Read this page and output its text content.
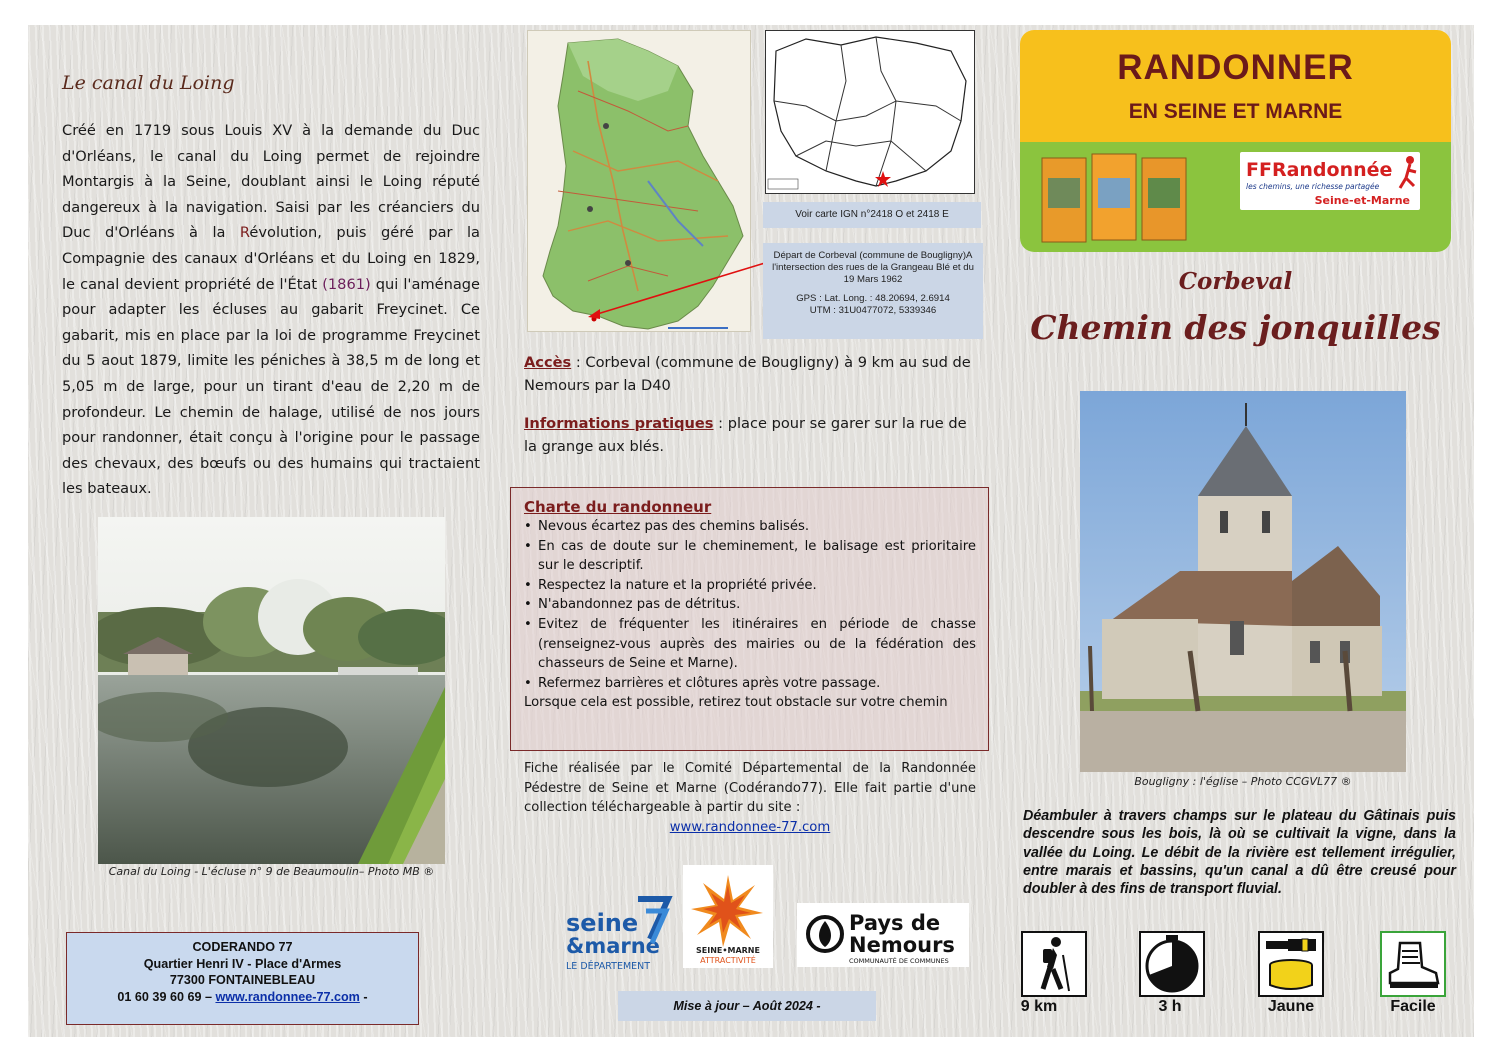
Le canal du Loing
Créé en 1719 sous Louis XV à la demande du Duc d'Orléans, le canal du Loing permet de rejoindre Montargis à la Seine, doublant ainsi le Loing réputé dangereux à la navigation. Saisi par les créanciers du Duc d'Orléans à la Révolution, puis géré par la Compagnie des canaux d'Orléans et du Loing en 1829, le canal devient propriété de l'État (1861) qui l'aménage pour adapter les écluses au gabarit Freycinet. Ce gabarit, mis en place par la loi de programme Freycinet du 5 aout 1879, limite les péniches à 38,5 m de long et 5,05 m de large, pour un tirant d'eau de 2,20 m de profondeur. Le chemin de halage, utilisé de nos jours pour randonner, était conçu à l'origine pour le passage des chevaux, des bœufs ou des humains qui tractaient les bateaux.
Canal du Loing - L'écluse n° 9 de Beaumoulin– Photo MB ®
CODERANDO 77
Quartier Henri IV - Place d'Armes
77300 FONTAINEBLEAU
01 60 39 60 69 – www.randonnee-77.com -
Voir carte IGN n°2418 O et 2418 E
Départ de Corbeval (commune de Bougligny)A l'intersection des rues de la Grangeau Blé et du 19 Mars 1962
GPS : Lat. Long. : 48.20694, 2.6914
UTM : 31U0477072, 5339346
Accès : Corbeval (commune de Bougligny) à 9 km au sud de Nemours par la D40
Informations pratiques : place pour se garer sur la rue de la grange aux blés.
Charte du randonneur
• Nevous écartez pas des chemins balisés.
• En cas de doute sur le cheminement, le balisage est prioritaire sur le descriptif.
• Respectez la nature et la propriété privée.
• N'abandonnez pas de détritus.
• Evitez de fréquenter les itinéraires en période de chasse (renseignez-vous auprès des mairies ou de la fédération des chasseurs de Seine et Marne).
• Refermez barrières et clôtures après votre passage.
Lorsque cela est possible, retirez tout obstacle sur votre chemin
Fiche réalisée par le Comité Départemental de la Randonnée Pédestre de Seine et Marne (Codérando77). Elle fait partie d'une collection téléchargeable à partir du site :
www.randonnee-77.com
seine
&marne
LE DÉPARTEMENT
SEINE•MARNE
ATTRACTIVITÉ
Pays de
Nemours
COMMUNAUTÉ DE COMMUNES
Mise à jour – Août 2024 -
RANDONNER
EN SEINE ET MARNE
FFRandonnée
les chemins, une richesse partagée
Seine-et-Marne
Corbeval
Chemin des jonquilles
Bougligny : l'église – Photo CCGVL77 ®
Déambuler à travers champs sur le plateau du Gâtinais puis descendre sous les bois, là où se cultivait la vigne, dans la vallée du Loing. Le débit de la rivière est tellement irrégulier, entre marais et bassins, qu'un canal a dû être creusé pour doubler à des fins de transport fluvial.
9 km	3 h	Jaune	Facile
